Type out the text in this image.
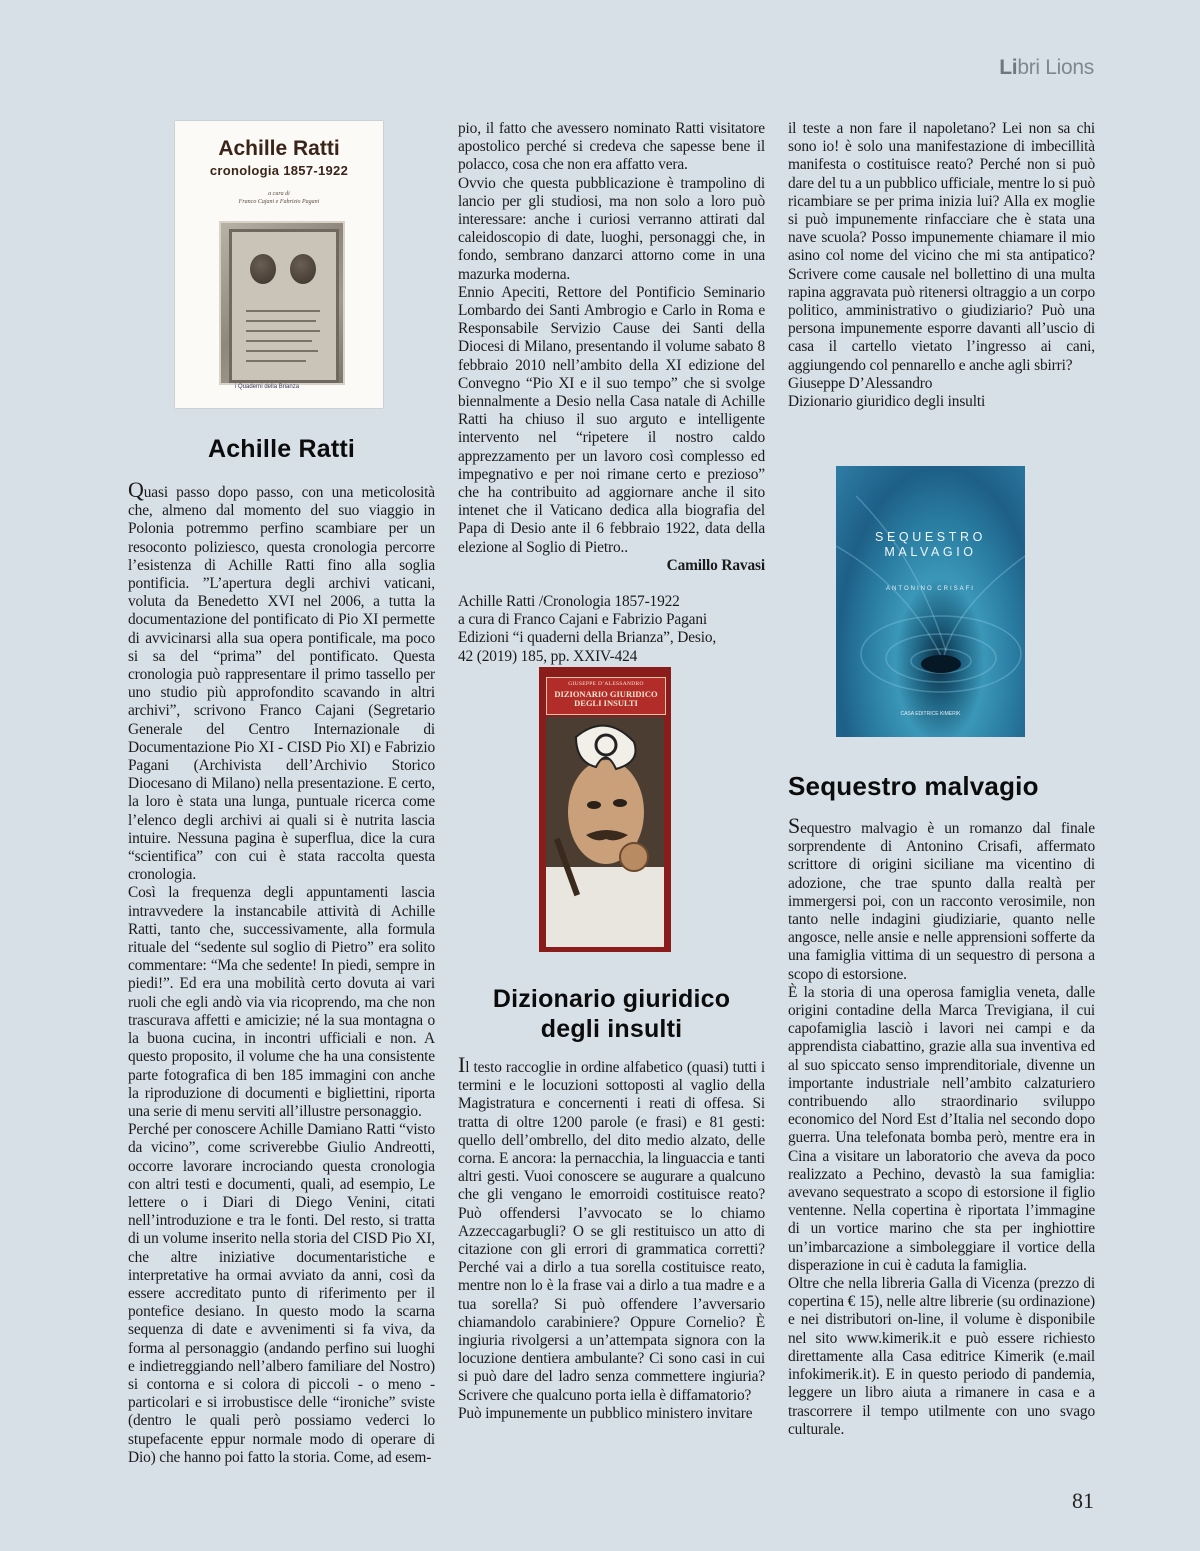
Libri Lions
Achille Ratti
cronologia 1857-1922
a cura di
Franco Cajani e Fabrizio Pagani
i Quaderni della Brianza
Achille Ratti

Quasi passo dopo passo, con una meticolosità che, almeno dal momento del suo viaggio in Polonia potremmo perfino scambiare per un resoconto poliziesco, questa cronologia percorre l’esistenza di Achille Ratti fino alla soglia pontificia. ”L’apertura degli archivi vaticani, voluta da Benedetto XVI nel 2006, a tutta la documentazione del pontificato di Pio XI permette di avvicinarsi alla sua opera pontificale, ma poco si sa del “prima” del pontificato. Questa cronologia può rappresentare il primo tassello per uno studio più approfondito scavando in altri archivi”, scrivono Franco Cajani (Segretario Generale del Centro Internazionale di Documentazione Pio XI - CISD Pio XI) e Fabrizio Pagani (Archivista dell’Archivio Storico Diocesano di Milano) nella presentazione. E certo, la loro è stata una lunga, puntuale ricerca come l’elenco degli archivi ai quali si è nutrita lascia intuire. Nessuna pagina è superflua, dice la cura “scientifica” con cui è stata raccolta questa cronologia.

Così la frequenza degli appuntamenti lascia intravvedere la instancabile attività di Achille Ratti, tanto che, successivamente, alla formula rituale del “sedente sul soglio di Pietro” era solito commentare: “Ma che sedente! In piedi, sempre in piedi!”. Ed era una mobilità certo dovuta ai vari ruoli che egli andò via via ricoprendo, ma che non trascurava affetti e amicizie; né la sua montagna o la buona cucina, in incontri ufficiali e non. A questo proposito, il volume che ha una consistente parte fotografica di ben 185 immagini con anche la riproduzione di documenti e bigliettini, riporta una serie di menu serviti all’illustre personaggio.

Perché per conoscere Achille Damiano Ratti “visto da vicino”, come scriverebbe Giulio Andreotti, occorre lavorare incrociando questa cronologia con altri testi e documenti, quali, ad esempio, Le lettere o i Diari di Diego Venini, citati nell’introduzione e tra le fonti. Del resto, si tratta di un volume inserito nella storia del CISD Pio XI, che altre iniziative documentaristiche e interpretative ha ormai avviato da anni, così da essere accreditato punto di riferimento per il pontefice desiano. In questo modo la scarna sequenza di date e avvenimenti si fa viva, da forma al personaggio (andando perfino sui luoghi e indietreggiando nell’albero familiare del Nostro) si contorna e si colora di piccoli - o meno - particolari e si irrobustisce delle “ironiche” sviste (dentro le quali però possiamo vederci lo stupefacente eppur normale modo di operare di Dio) che hanno poi fatto la storia. Come, ad esem-

pio, il fatto che avessero nominato Ratti visitatore apostolico perché si credeva che sapesse bene il polacco, cosa che non era affatto vera.

Ovvio che questa pubblicazione è trampolino di lancio per gli studiosi, ma non solo a loro può interessare: anche i curiosi verranno attirati dal caleidoscopio di date, luoghi, personaggi che, in fondo, sembrano danzarci attorno come in una mazurka moderna.

Ennio Apeciti, Rettore del Pontificio Seminario Lombardo dei Santi Ambrogio e Carlo in Roma e Responsabile Servizio Cause dei Santi della Diocesi di Milano, presentando il volume sabato 8 febbraio 2010 nell’ambito della XI edizione del Convegno “Pio XI e il suo tempo” che si svolge biennalmente a Desio nella Casa natale di Achille Ratti ha chiuso il suo arguto e intelligente intervento nel “ripetere il nostro caldo apprezzamento per un lavoro così complesso ed impegnativo e per noi rimane certo e prezioso” che ha contribuito ad aggiornare anche il sito intenet che il Vaticano dedica alla biografia del Papa di Desio ante il 6 febbraio 1922, data della elezione al Soglio di Pietro..

Camillo Ravasi

Achille Ratti /Cronologia 1857-1922

a cura di Franco Cajani e Fabrizio Pagani

Edizioni “i quaderni della Brianza”, Desio,

42 (2019) 185, pp. XXIV-424

GIUSEPPE D’ALESSANDRO
DIZIONARIO GIURIDICO
DEGLI INSULTI
Dizionario giuridico
degli insulti

Il testo raccoglie in ordine alfabetico (quasi) tutti i termini e le locuzioni sottoposti al vaglio della Magistratura e concernenti i reati di offesa. Si tratta di oltre 1200 parole (e frasi) e 81 gesti: quello dell’ombrello, del dito medio alzato, delle corna. E ancora: la pernacchia, la linguaccia e tanti altri gesti. Vuoi conoscere se augurare a qualcuno che gli vengano le emorroidi costituisce reato? Può offendersi l’avvocato se lo chiamo Azzeccagarbugli? O se gli restituisco un atto di citazione con gli errori di grammatica corretti? Perché vai a dirlo a tua sorella costituisce reato, mentre non lo è la frase vai a dirlo a tua madre e a tua sorella? Si può offendere l’avversario chiamandolo carabiniere? Oppure Cornelio? È ingiuria rivolgersi a un’attempata signora con la locuzione dentiera ambulante? Ci sono casi in cui si può dare del ladro senza commettere ingiuria? Scrivere che qualcuno porta iella è diffamatorio?

Può impunemente un pubblico ministero invitare

il teste a non fare il napoletano? Lei non sa chi sono io! è solo una manifestazione di imbecillità manifesta o costituisce reato? Perché non si può dare del tu a un pubblico ufficiale, mentre lo si può ricambiare se per prima inizia lui? Alla ex moglie si può impunemente rinfacciare che è stata una nave scuola? Posso impunemente chiamare il mio asino col nome del vicino che mi sta antipatico? Scrivere come causale nel bollettino di una multa rapina aggravata può ritenersi oltraggio a un corpo politico, amministrativo o giudiziario? Può una persona impunemente esporre davanti all’uscio di casa il cartello vietato l’ingresso ai cani, aggiungendo col pennarello e anche agli sbirri?

Giuseppe D’Alessandro

Dizionario giuridico degli insulti

SEQUESTRO
MALVAGIO
ANTONINO CRISAFI
CASA EDITRICE KIMERIK
Sequestro malvagio

Sequestro malvagio è un romanzo dal finale sorprendente di Antonino Crisafi, affermato scrittore di origini siciliane ma vicentino di adozione, che trae spunto dalla realtà per immergersi poi, con un racconto verosimile, non tanto nelle indagini giudiziarie, quanto nelle angosce, nelle ansie e nelle apprensioni sofferte da una famiglia vittima di un sequestro di persona a scopo di estorsione.

È la storia di una operosa famiglia veneta, dalle origini contadine della Marca Trevigiana, il cui capofamiglia lasciò i lavori nei campi e da apprendista ciabattino, grazie alla sua inventiva ed al suo spiccato senso imprenditoriale, divenne un importante industriale nell’ambito calzaturiero contribuendo allo straordinario sviluppo economico del Nord Est d’Italia nel secondo dopo guerra. Una telefonata bomba però, mentre era in Cina a visitare un laboratorio che aveva da poco realizzato a Pechino, devastò la sua famiglia: avevano sequestrato a scopo di estorsione il figlio ventenne. Nella copertina è riportata l’immagine di un vortice marino che sta per inghiottire un’imbarcazione a simboleggiare il vortice della disperazione in cui è caduta la famiglia.

Oltre che nella libreria Galla di Vicenza (prezzo di copertina € 15), nelle altre librerie (su ordinazione) e nei distributori on-line, il volume è disponibile nel sito www.kimerik.it e può essere richiesto direttamente alla Casa editrice Kimerik (e.mail infokimerik.it). E in questo periodo di pandemia, leggere un libro aiuta a rimanere in casa e a trascorrere il tempo utilmente con uno svago culturale.

81
